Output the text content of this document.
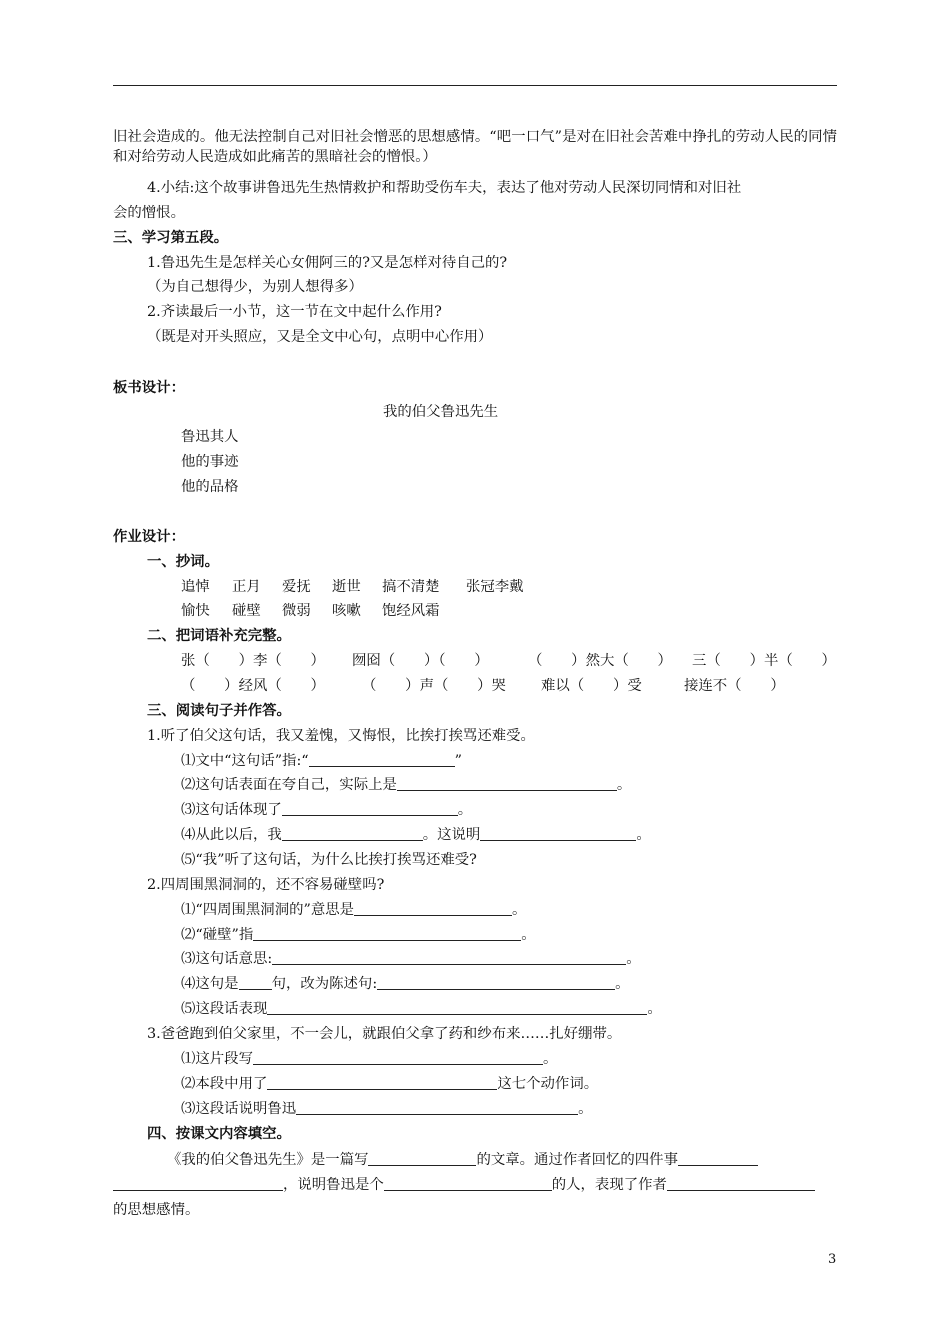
旧社会造成的。他无法控制自己对旧社会憎恶的思想感情。“吧一口气”是对在旧社会苦难中挣扎的劳动人民的同情和对给劳动人民造成如此痛苦的黑暗社会的憎恨。）
4.小结:这个故事讲鲁迅先生热情救护和帮助受伤车夫，表达了他对劳动人民深切同情和对旧社
会的憎恨。
三、学习第五段。
1.鲁迅先生是怎样关心女佣阿三的?又是怎样对待自己的?
（为自己想得少，为别人想得多）
2.齐读最后一小节，这一节在文中起什么作用?
（既是对开头照应，又是全文中心句，点明中心作用）
板书设计：
我的伯父鲁迅先生
鲁迅其人
他的事迹
他的品格
作业设计：
一、抄词。
追悼 正月 爱抚 逝世 搞不清楚 张冠李戴
愉快 碰壁 微弱 咳嗽 饱经风霜
二、把词语补充完整。
张（　　）李（　　） 囫囵（　　）（　　）	（　　）然大（　　） 三（　　）半（　　）
（　　）经风（　　）	（　　）声（　　）哭 难以（　　）受	接连不（　　）
三、阅读句子并作答。
1.听了伯父这句话，我又羞愧，又悔恨，比挨打挨骂还难受。
⑴文中“这句话”指:“	”
⑵这句话表面在夸自己，实际上是	。
⑶这句话体现了	。
⑷从此以后，我	。这说明	。
⑸“我”听了这句话，为什么比挨打挨骂还难受?
2.四周围黑洞洞的，还不容易碰壁吗?
⑴“四周围黑洞洞的”意思是	。
⑵“碰壁”指	。
⑶这句话意思:	。
⑷这句是 句，改为陈述句:	。
⑸这段话表现	。
3.爸爸跑到伯父家里，不一会儿，就跟伯父拿了药和纱布来……扎好绷带。
⑴这片段写	。
⑵本段中用了	这七个动作词。
⑶这段话说明鲁迅	。
四、按课文内容填空。
《我的伯父鲁迅先生》是一篇写	的文章。通过作者回忆的四件事
，说明鲁迅是个	的人，表现了作者
的思想感情。
3
